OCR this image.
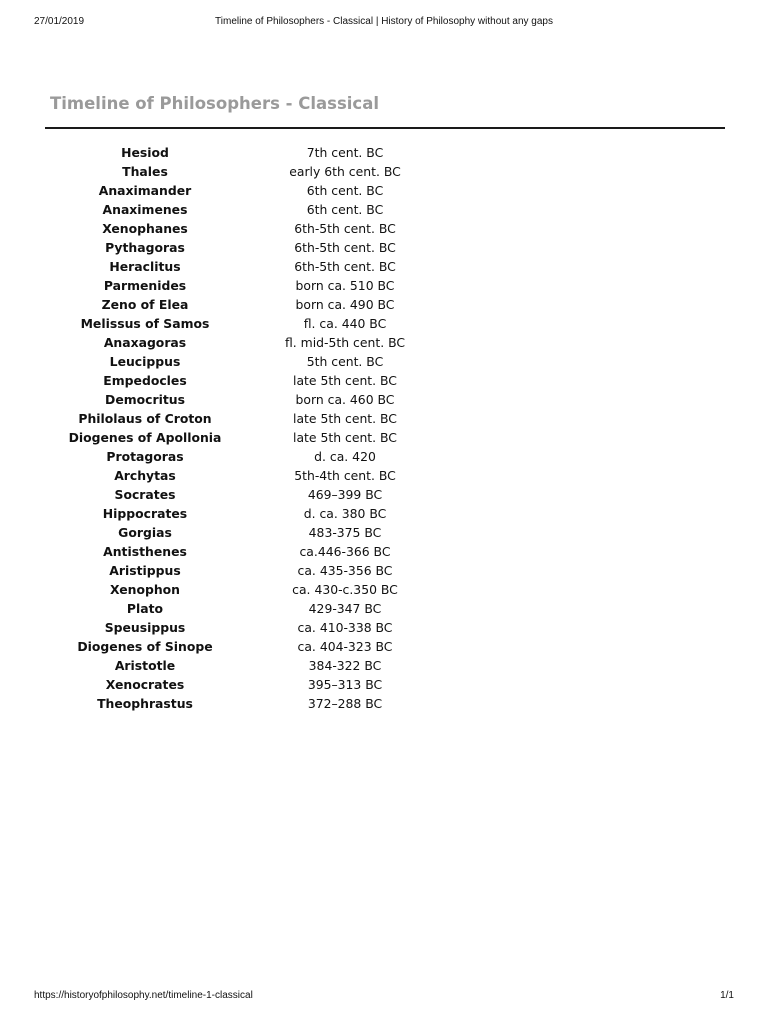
27/01/2019	Timeline of Philosophers - Classical | History of Philosophy without any gaps
Timeline of Philosophers - Classical
Hesiod	7th cent. BC
Thales	early 6th cent. BC
Anaximander	6th cent. BC
Anaximenes	6th cent. BC
Xenophanes	6th-5th cent. BC
Pythagoras	6th-5th cent. BC
Heraclitus	6th-5th cent. BC
Parmenides	born ca. 510 BC
Zeno of Elea	born ca. 490 BC
Melissus of Samos	fl. ca. 440 BC
Anaxagoras	fl. mid-5th cent. BC
Leucippus	5th cent. BC
Empedocles	late 5th cent. BC
Democritus	born ca. 460 BC
Philolaus of Croton	late 5th cent. BC
Diogenes of Apollonia	late 5th cent. BC
Protagoras	d. ca. 420
Archytas	5th-4th cent. BC
Socrates	469–399 BC
Hippocrates	d. ca. 380 BC
Gorgias	483-375 BC
Antisthenes	ca.446-366 BC
Aristippus	ca. 435-356 BC
Xenophon	ca. 430-c.350 BC
Plato	429-347 BC
Speusippus	ca. 410-338 BC
Diogenes of Sinope	ca. 404-323 BC
Aristotle	384-322 BC
Xenocrates	395–313 BC
Theophrastus	372–288 BC
https://historyofphilosophy.net/timeline-1-classical	1/1
